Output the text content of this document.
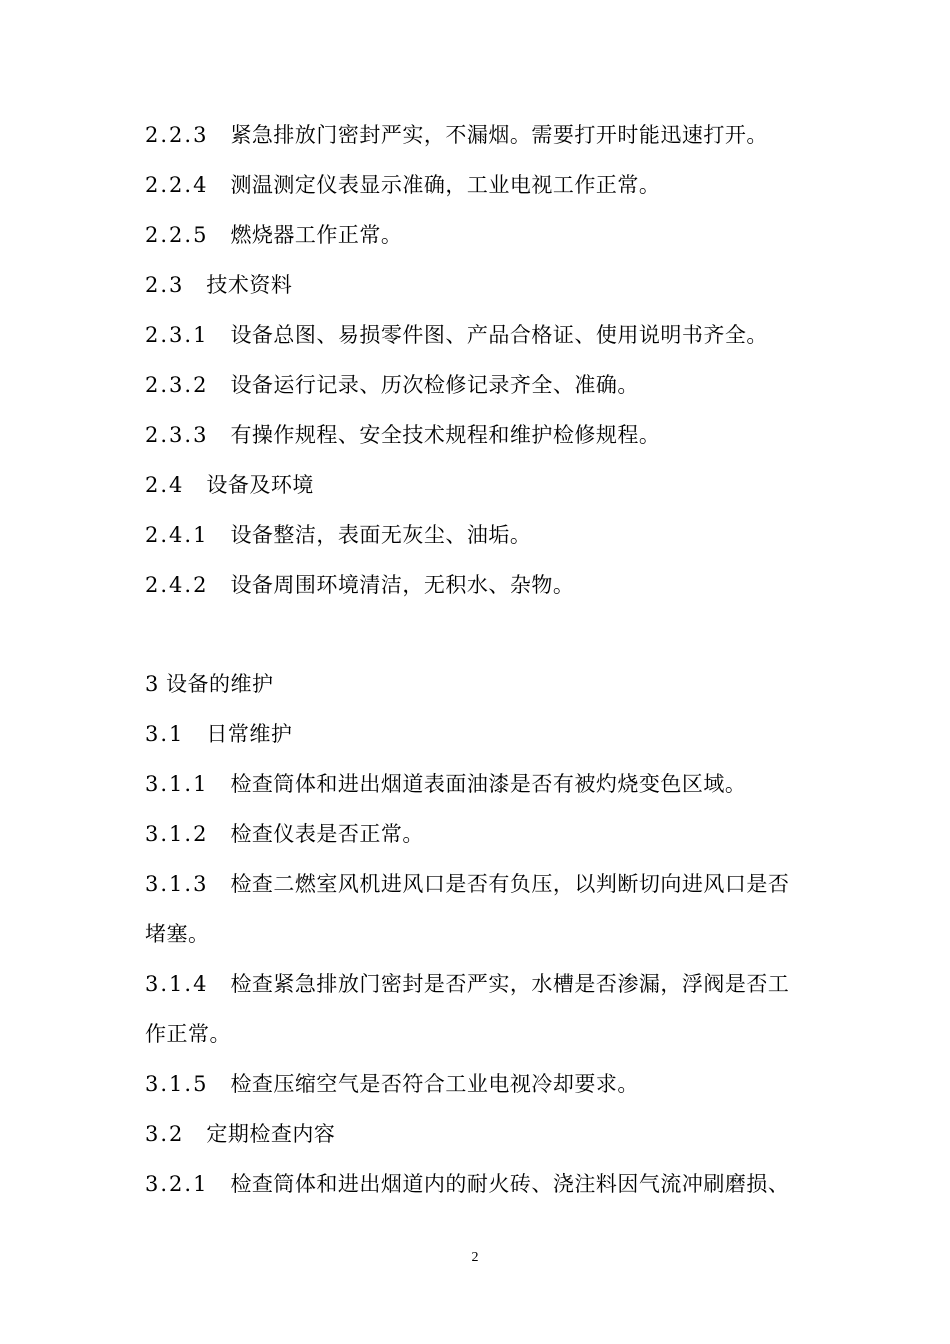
2.2.3 紧急排放门密封严实，不漏烟。需要打开时能迅速打开。
2.2.4 测温测定仪表显示准确，工业电视工作正常。
2.2.5 燃烧器工作正常。
2.3 技术资料
2.3.1 设备总图、易损零件图、产品合格证、使用说明书齐全。
2.3.2 设备运行记录、历次检修记录齐全、准确。
2.3.3 有操作规程、安全技术规程和维护检修规程。
2.4 设备及环境
2.4.1 设备整洁，表面无灰尘、油垢。
2.4.2 设备周围环境清洁，无积水、杂物。
3 设备的维护
3.1 日常维护
3.1.1 检查筒体和进出烟道表面油漆是否有被灼烧变色区域。
3.1.2 检查仪表是否正常。
3.1.3 检查二燃室风机进风口是否有负压，以判断切向进风口是否
堵塞。
3.1.4 检查紧急排放门密封是否严实，水槽是否渗漏，浮阀是否工
作正常。
3.1.5 检查压缩空气是否符合工业电视冷却要求。
3.2 定期检查内容
3.2.1 检查筒体和进出烟道内的耐火砖、浇注料因气流冲刷磨损、
2
